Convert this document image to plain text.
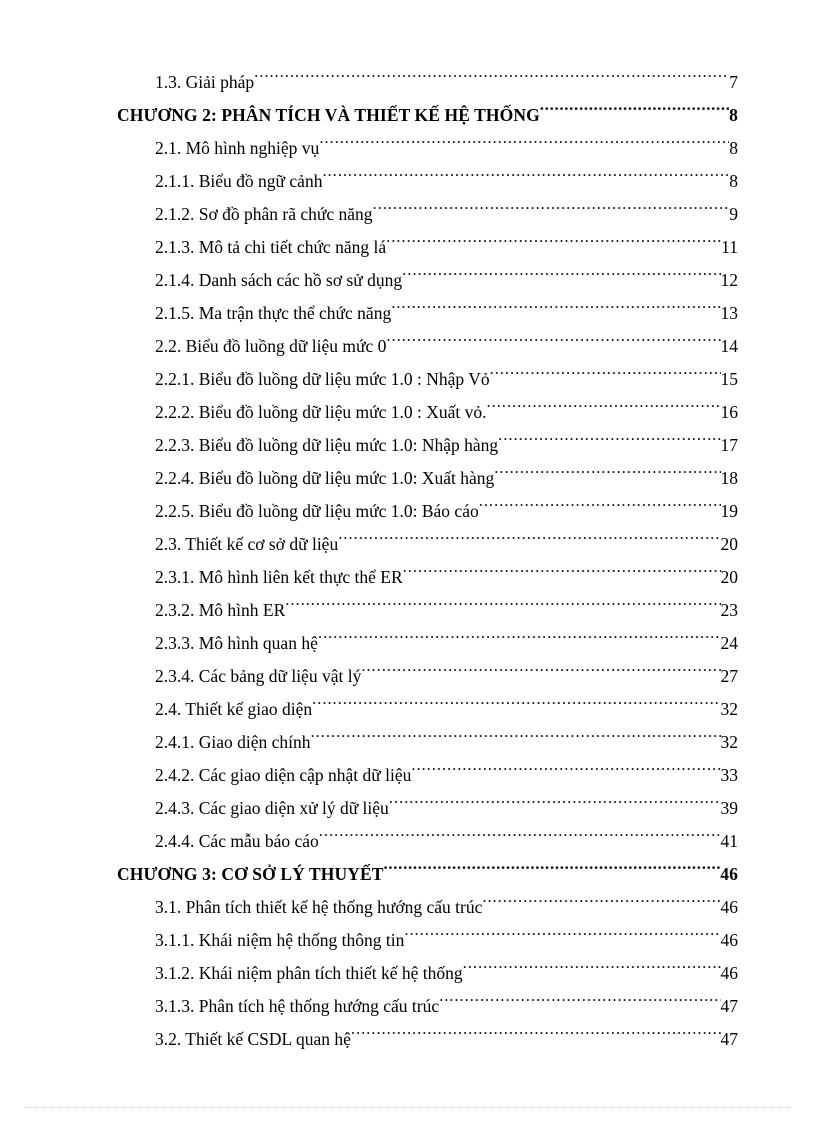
1.3. Giải pháp .....	7
CHƯƠNG 2: PHÂN TÍCH VÀ THIẾT KẾ HỆ THỐNG .....	8
2.1. Mô hình nghiệp vụ .....	8
2.1.1. Biểu đồ ngữ cảnh .....	8
2.1.2. Sơ đồ phân rã chức năng .....	9
2.1.3. Mô tả chi tiết chức năng lá .....	11
2.1.4. Danh sách các hồ sơ sử dụng .....	12
2.1.5. Ma trận thực thể chức năng .....	13
2.2. Biểu đồ luồng dữ liệu mức 0 .....	14
2.2.1. Biểu đồ luồng dữ liệu mức 1.0 : Nhập Vỏ .....	15
2.2.2. Biểu đồ luồng dữ liệu mức 1.0 : Xuất vỏ. .....	16
2.2.3. Biểu đồ luồng dữ liệu mức 1.0: Nhập hàng .....	17
2.2.4. Biểu đồ luồng dữ liệu mức 1.0: Xuất hàng .....	18
2.2.5. Biểu đồ luồng dữ liệu mức 1.0: Báo cáo .....	19
2.3. Thiết kế cơ sở dữ liệu .....	20
2.3.1. Mô hình liên kết thực thể ER .....	20
2.3.2. Mô hình ER .....	23
2.3.3. Mô hình quan hệ .....	24
2.3.4. Các bảng dữ liệu vật lý .....	27
2.4. Thiết kế giao diện .....	32
2.4.1. Giao diện chính .....	32
2.4.2. Các giao diện cập nhật dữ liệu .....	33
2.4.3. Các giao diện xử lý dữ liệu .....	39
2.4.4. Các mẫu báo cáo .....	41
CHƯƠNG 3: CƠ SỞ LÝ THUYẾT .....	46
3.1. Phân tích thiết kế hệ thống hướng cấu trúc .....	46
3.1.1. Khái niệm hệ thống thông tin .....	46
3.1.2. Khái niệm phân tích thiết kế hệ thống .....	46
3.1.3. Phân tích hệ thống hướng cấu trúc .....	47
3.2. Thiết kế CSDL quan hệ .....	47
